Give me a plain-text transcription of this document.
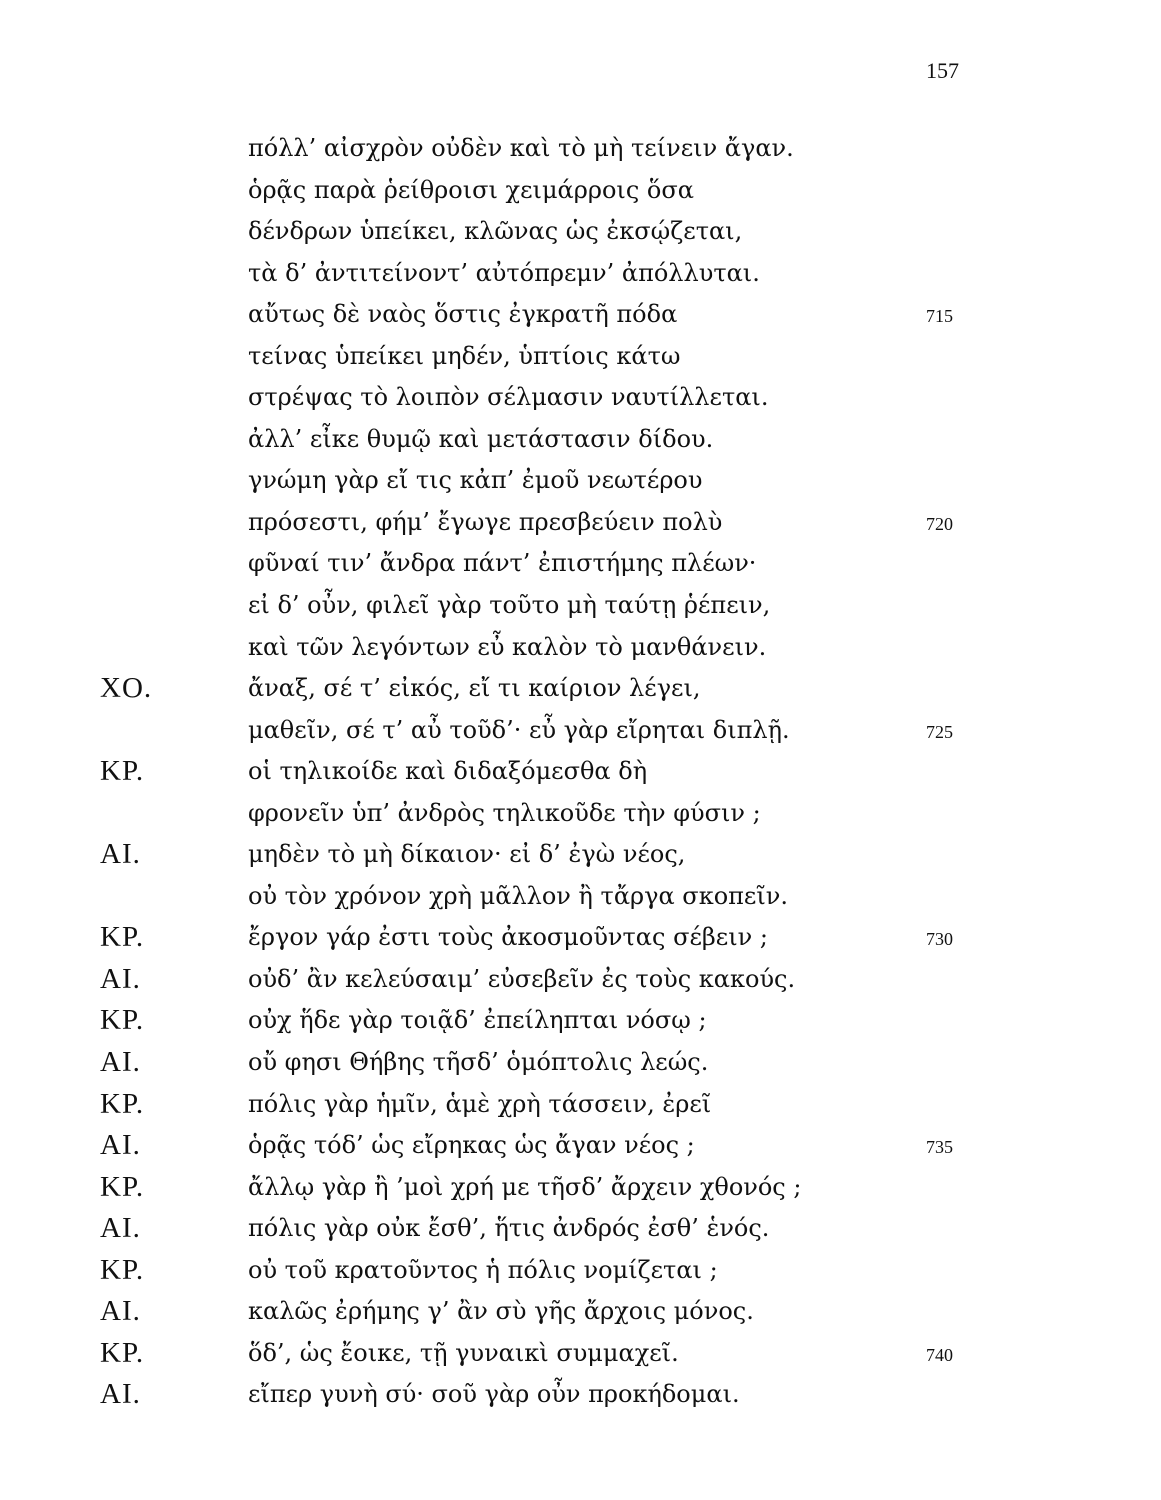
157
πόλλ’ αἰσχρὸν οὐδὲν καὶ τὸ μὴ τείνειν ἄγαν.
ὁρᾷς παρὰ ῥείθροισι χειμάρροις ὅσα
δένδρων ὑπείκει, κλῶνας ὡς ἐκσῴζεται,
τὰ δ’ ἀντιτείνοντ’ αὐτόπρεμν’ ἀπόλλυται.
αὔτως δὲ ναὸς ὅστις ἐγκρατῆ πόδα	715
τείνας ὑπείκει μηδέν, ὑπτίοις κάτω
στρέψας τὸ λοιπὸν σέλμασιν ναυτίλλεται.
ἀλλ’ εἶκε θυμῷ καὶ μετάστασιν δίδου.
γνώμη γὰρ εἴ τις κἀπ’ ἐμοῦ νεωτέρου
πρόσεστι, φήμ’ ἔγωγε πρεσβεύειν πολὺ	720
φῦναί τιν’ ἄνδρα πάντ’ ἐπιστήμης πλέων·
εἰ δ’ οὖν, φιλεῖ γὰρ τοῦτο μὴ ταύτῃ ῥέπειν,
καὶ τῶν λεγόντων εὖ καλὸν τὸ μανθάνειν.
ΧΟ.	ἄναξ, σέ τ’ εἰκός, εἴ τι καίριον λέγει,
μαθεῖν, σέ τ’ αὖ τοῦδ’· εὖ γὰρ εἴρηται διπλῇ.	725
ΚΡ.	οἱ τηλικοίδε καὶ διδαξόμεσθα δὴ
φρονεῖν ὑπ’ ἀνδρὸς τηλικοῦδε τὴν φύσιν ;
ΑΙ.	μηδὲν τὸ μὴ δίκαιον· εἰ δ’ ἐγὼ νέος,
οὐ τὸν χρόνον χρὴ μᾶλλον ἢ τἄργα σκοπεῖν.
ΚΡ.	ἔργον γάρ ἐστι τοὺς ἀκοσμοῦντας σέβειν ;	730
ΑΙ.	οὐδ’ ἂν κελεύσαιμ’ εὐσεβεῖν ἐς τοὺς κακούς.
ΚΡ.	οὐχ ἥδε γὰρ τοιᾷδ’ ἐπείληπται νόσῳ ;
ΑΙ.	οὔ φησι Θήβης τῆσδ’ ὁμόπτολις λεώς.
ΚΡ.	πόλις γὰρ ἡμῖν, ἁμὲ χρὴ τάσσειν, ἐρεῖ
ΑΙ.	ὁρᾷς τόδ’ ὡς εἴρηκας ὡς ἄγαν νέος ;	735
ΚΡ.	ἄλλῳ γὰρ ἢ ’μοὶ χρή με τῆσδ’ ἄρχειν χθονός ;
ΑΙ.	πόλις γὰρ οὐκ ἔσθ’, ἥτις ἀνδρός ἐσθ’ ἑνός.
ΚΡ.	οὐ τοῦ κρατοῦντος ἡ πόλις νομίζεται ;
ΑΙ.	καλῶς ἐρήμης γ’ ἂν σὺ γῆς ἄρχοις μόνος.
ΚΡ.	ὅδ’, ὡς ἔοικε, τῇ γυναικὶ συμμαχεῖ.	740
ΑΙ.	εἴπερ γυνὴ σύ· σοῦ γὰρ οὖν προκήδομαι.
